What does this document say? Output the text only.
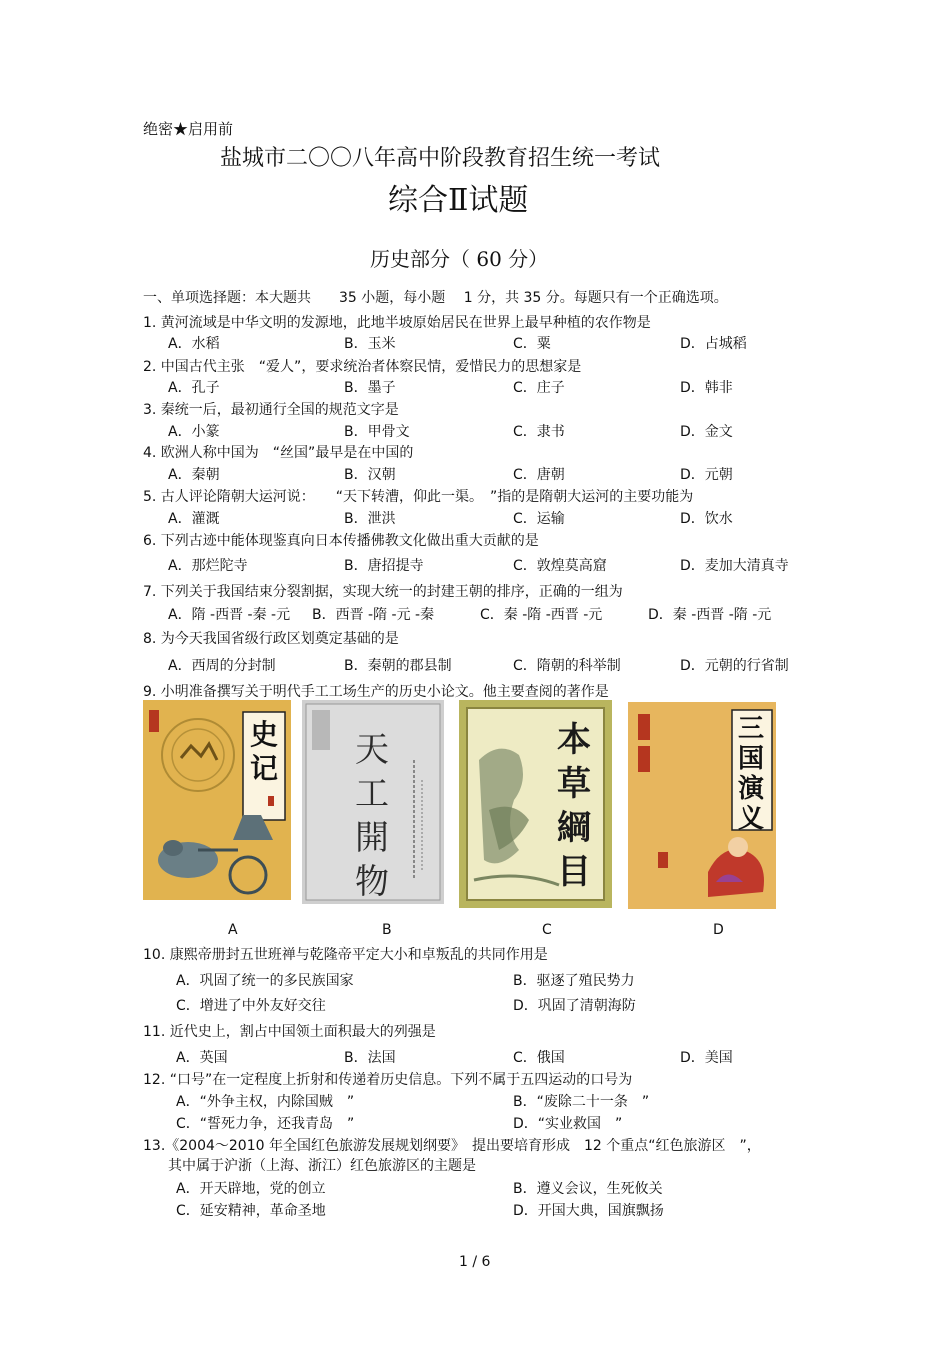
绝密★启用前
盐城市二〇〇八年高中阶段教育招生统一考试
综合Ⅱ试题
历史部分（ 60 分）
一、单项选择题：本大题共　　35 小题，每小题　 1 分，共 35 分。每题只有一个正确选项。
1. 黄河流域是中华文明的发源地，此地半坡原始居民在世界上最早种植的农作物是
A．水稻	B．玉米	C．粟	D．占城稻
2. 中国古代主张　“爱人”，要求统治者体察民情，爱惜民力的思想家是
A．孔子	B．墨子	C．庄子	D．韩非
3. 秦统一后，最初通行全国的规范文字是
A．小篆	B．甲骨文	C．隶书	D．金文
4. 欧洲人称中国为　“丝国”最早是在中国的
A．秦朝	B．汉朝	C．唐朝	D．元朝
5. 古人评论隋朝大运河说：　　“天下转漕，仰此一渠。　”指的是隋朝大运河的主要功能为
A．灌溉	B．泄洪	C．运输	D．饮水
6. 下列古迹中能体现鉴真向日本传播佛教文化做出重大贡献的是
A．那烂陀寺	B．唐招提寺	C．敦煌莫高窟	D．麦加大清真寺
7. 下列关于我国结束分裂割据，实现大统一的封建王朝的排序，正确的一组为
A．隋 -西晋 -秦 -元 B．西晋 -隋 -元 -秦	C．秦 -隋 -西晋 -元	D．秦 -西晋 -隋 -元
8. 为今天我国省级行政区划奠定基础的是
A．西周的分封制	B．秦朝的郡县制	C．隋朝的科举制	D．元朝的行省制
9. 小明准备撰写关于明代手工工场生产的历史小论文。他主要查阅的著作是
史记
A
天工開物
B
本草綱目
C
三国演义
D
10. 康熙帝册封五世班禅与乾隆帝平定大小和卓叛乱的共同作用是
A．巩固了统一的多民族国家	B．驱逐了殖民势力
C．增进了中外友好交往	D．巩固了清朝海防
11. 近代史上，割占中国领土面积最大的列强是
A．英国	B．法国	C．俄国	D．美国
12. “口号”在一定程度上折射和传递着历史信息。下列不属于五四运动的口号为
A．“外争主权，内除国贼　”	B．“废除二十一条　”
C．“誓死力争，还我青岛　”	D．“实业救国　”
13.《2004～2010 年全国红色旅游发展规划纲要》　提出要培育形成　12 个重点“红色旅游区　”，
其中属于沪浙（上海、浙江）红色旅游区的主题是
A．开天辟地，党的创立	B．遵义会议，生死攸关
C．延安精神，革命圣地	D．开国大典，国旗飘扬
1 / 6
